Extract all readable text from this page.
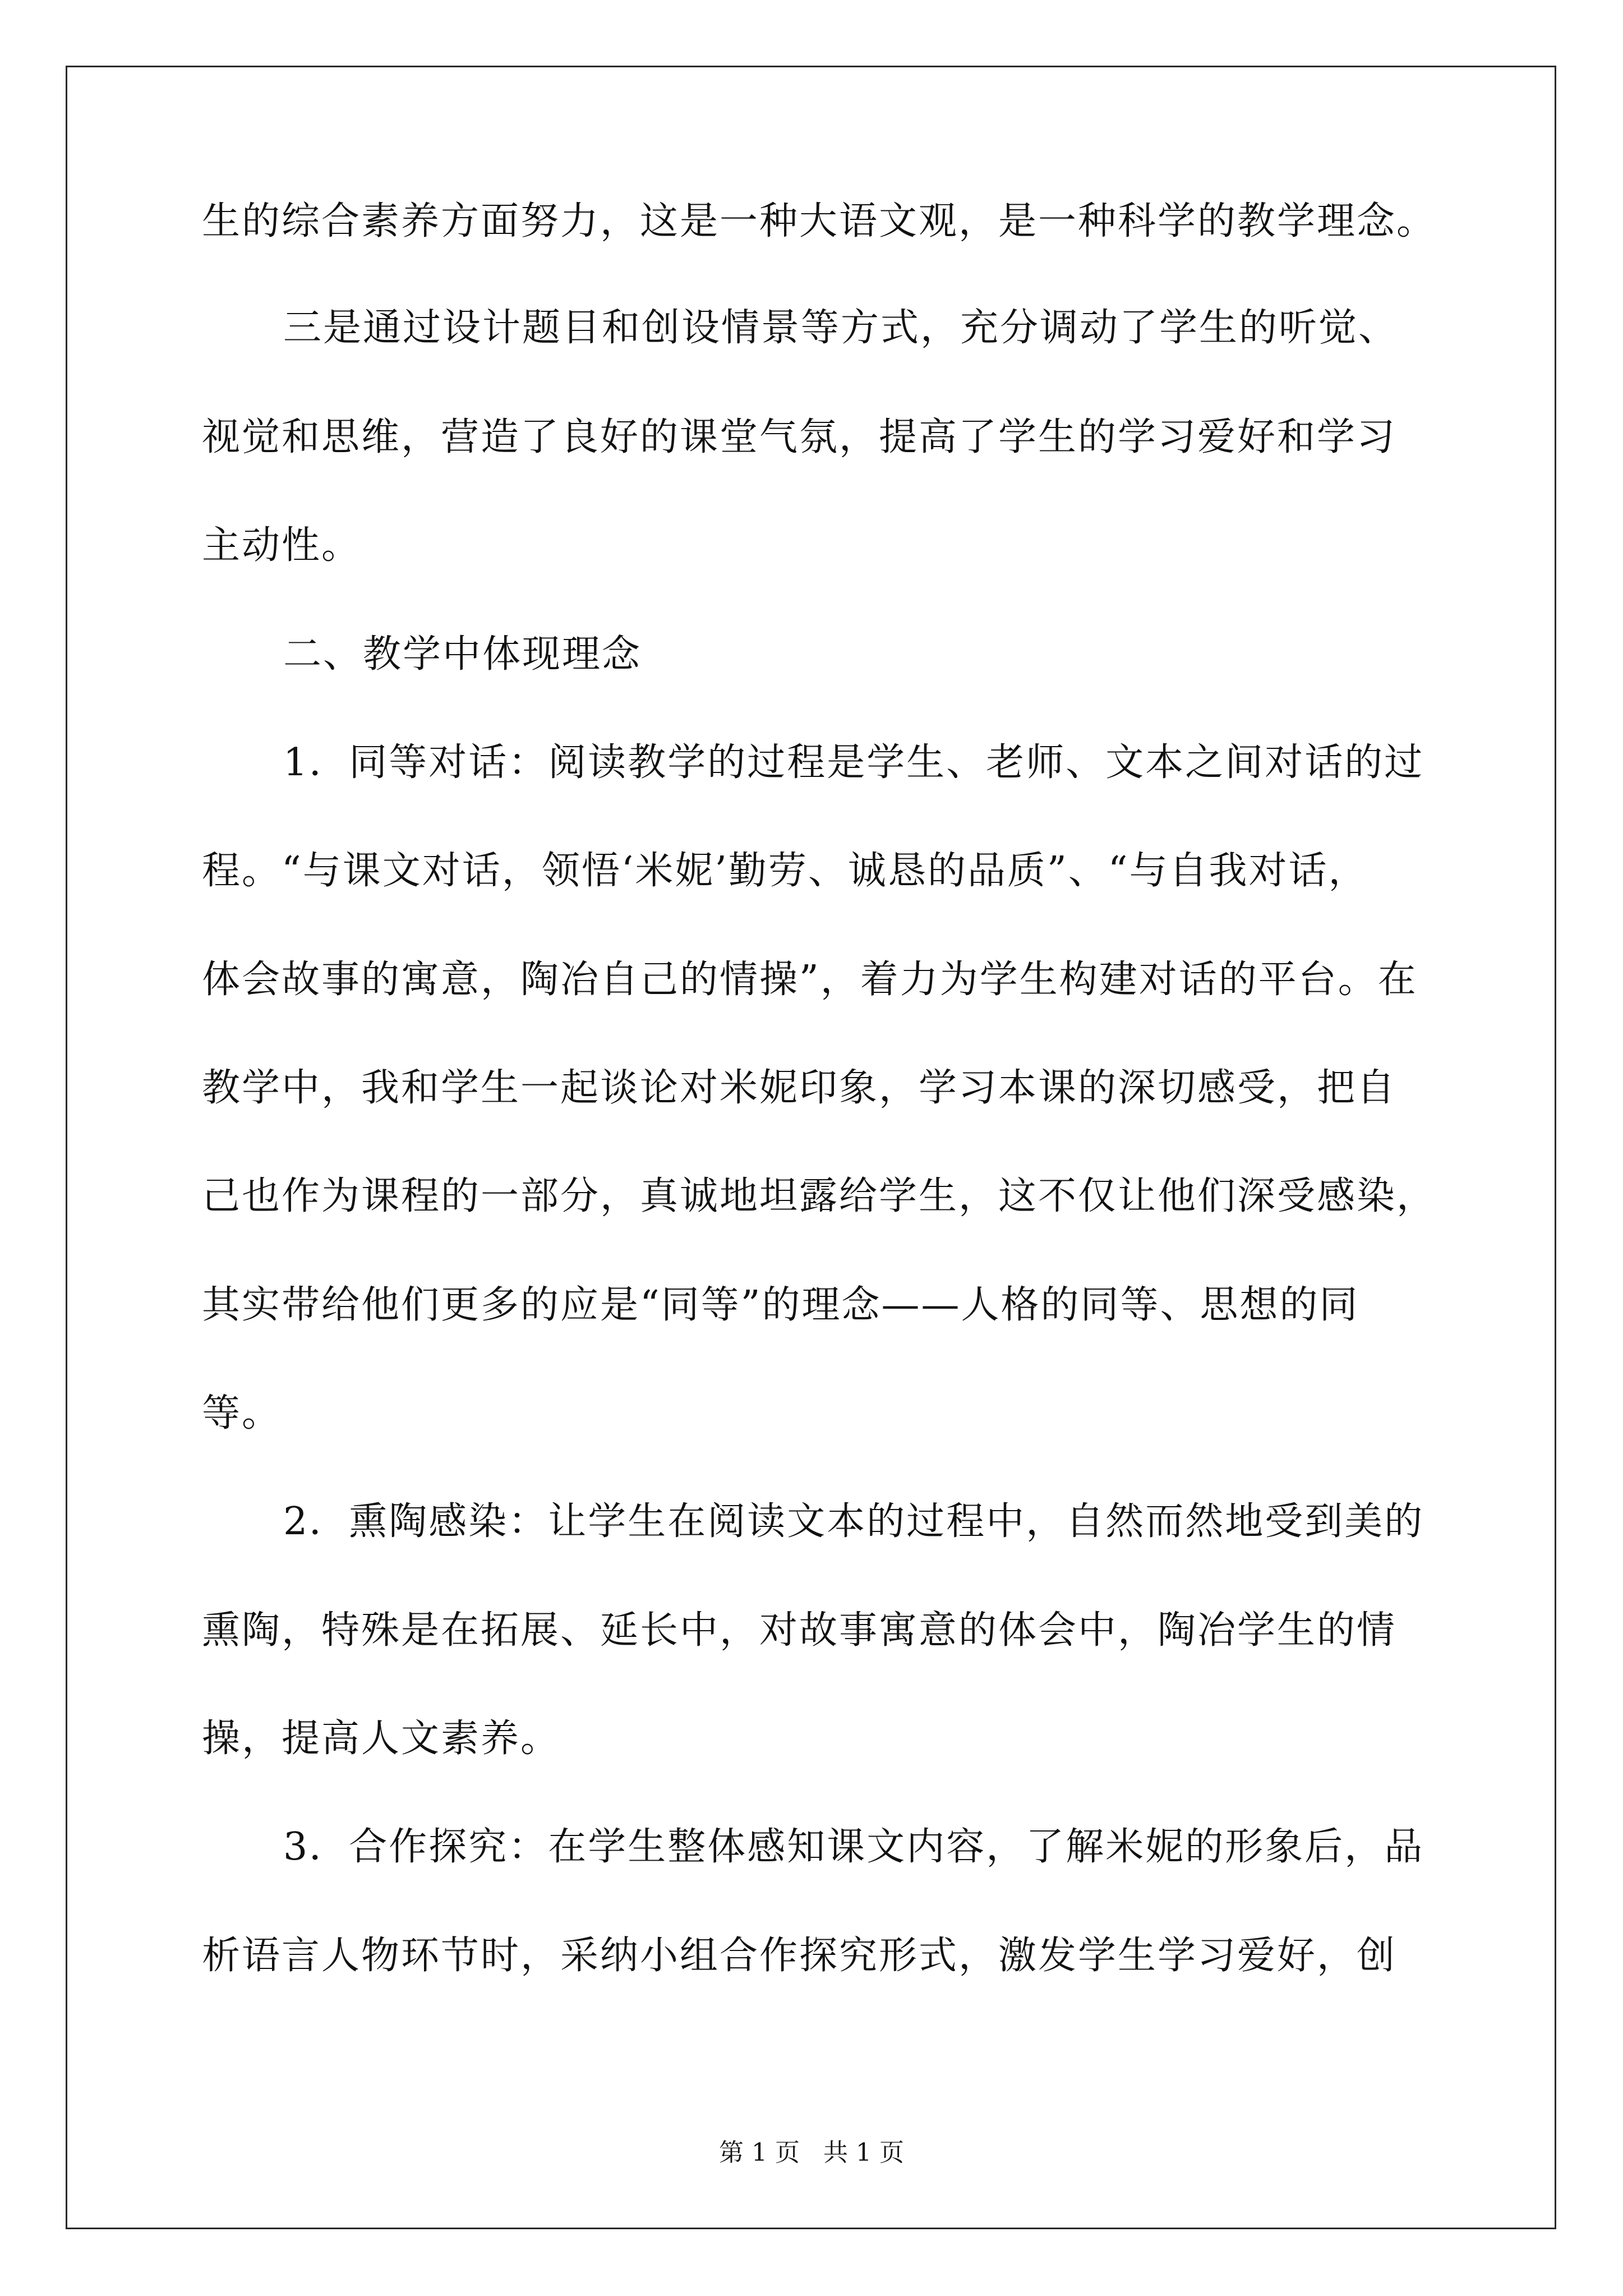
生的综合素养方面努力，这是一种大语文观，是一种科学的教学理念。
三是通过设计题目和创设情景等方式，充分调动了学生的听觉、
视觉和思维，营造了良好的课堂气氛，提高了学生的学习爱好和学习
主动性。
二、教学中体现理念
1．同等对话：阅读教学的过程是学生、老师、文本之间对话的过
程。“与课文对话，领悟‘米妮’勤劳、诚恳的品质”、“与自我对话，
体会故事的寓意，陶冶自己的情操”，着力为学生构建对话的平台。在
教学中，我和学生一起谈论对米妮印象，学习本课的深切感受，把自
己也作为课程的一部分，真诚地坦露给学生，这不仅让他们深受感染，
其实带给他们更多的应是“同等”的理念——人格的同等、思想的同
等。
2．熏陶感染：让学生在阅读文本的过程中，自然而然地受到美的
熏陶，特殊是在拓展、延长中，对故事寓意的体会中，陶冶学生的情
操，提高人文素养。
3．合作探究：在学生整体感知课文内容，了解米妮的形象后，品
析语言人物环节时，采纳小组合作探究形式，激发学生学习爱好，创
第 1 页   共 1 页
